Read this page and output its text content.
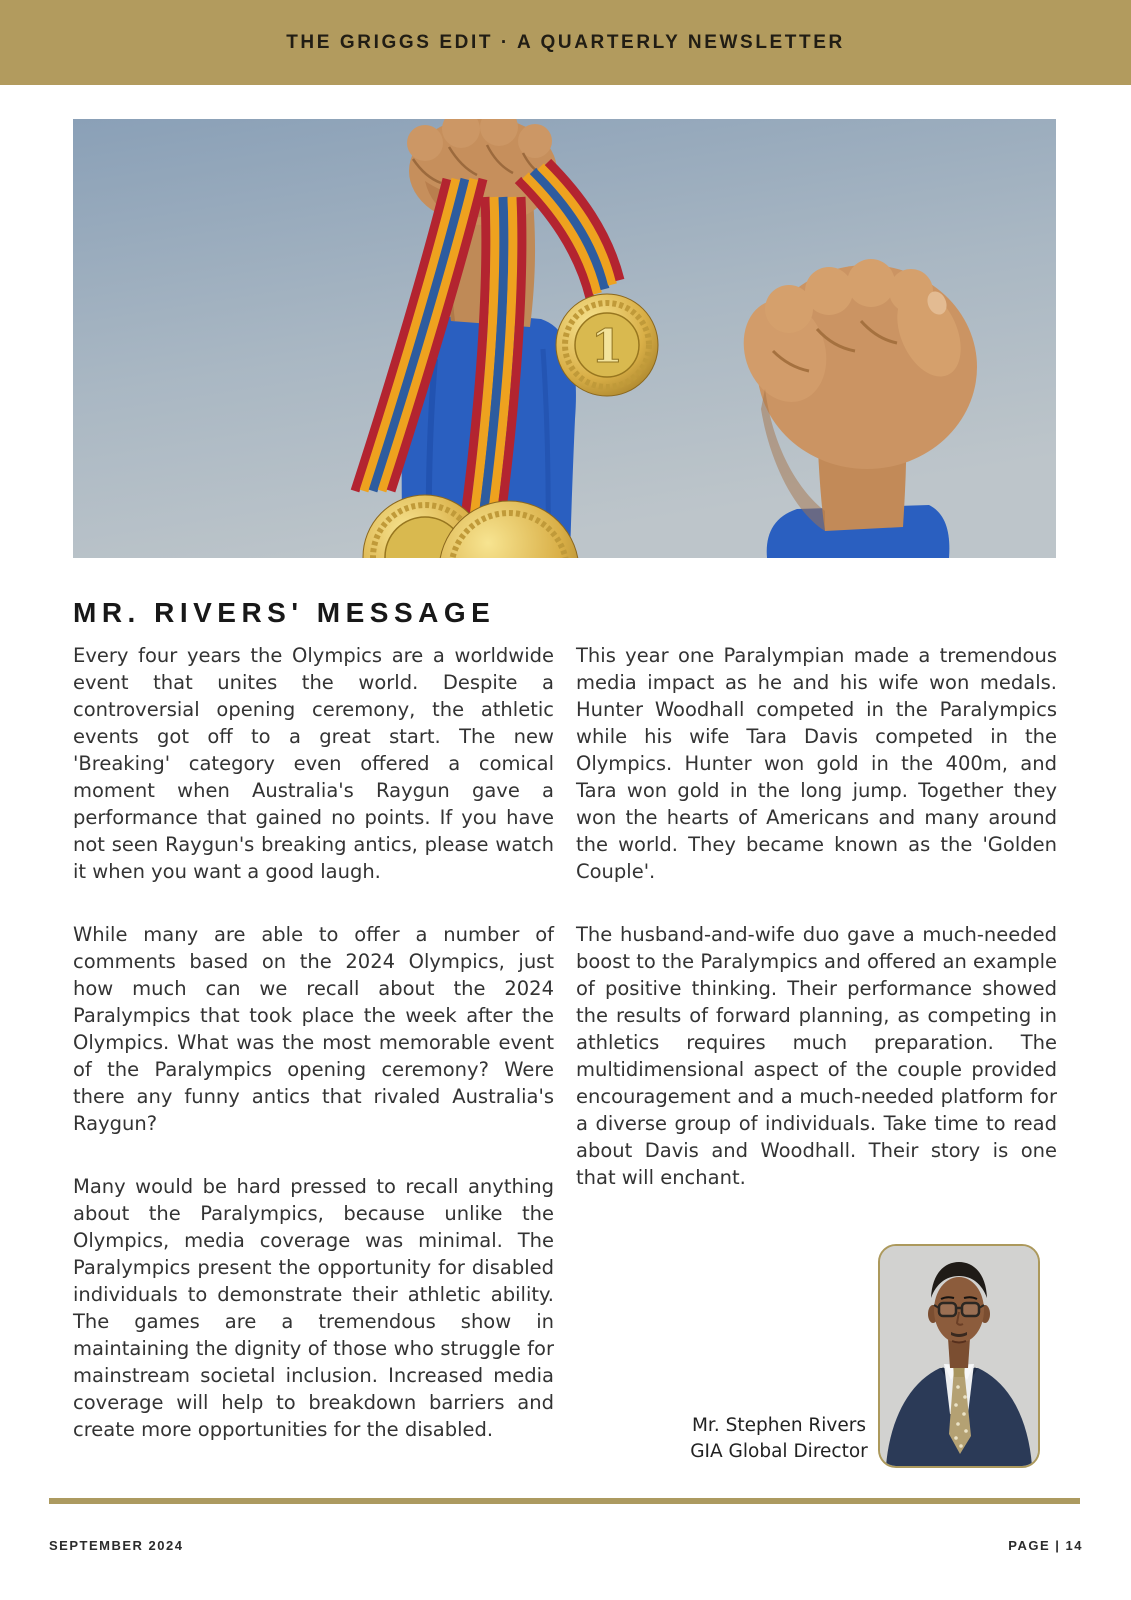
THE GRIGGS EDIT · A QUARTERLY NEWSLETTER
1
MR. RIVERS' MESSAGE

Every four years the Olympics are a worldwide event that unites the world. Despite a controversial opening ceremony, the athletic events got off to a great start. The new 'Breaking' category even offered a comical moment when Australia's Raygun gave a performance that gained no points. If you have not seen Raygun's breaking antics, please watch it when you want a good laugh.

While many are able to offer a number of comments based on the 2024 Olympics, just how much can we recall about the 2024 Paralympics that took place the week after the Olympics. What was the most memorable event of the Paralympics opening ceremony? Were there any funny antics that rivaled Australia's Raygun?

Many would be hard pressed to recall anything about the Paralympics, because unlike the Olympics, media coverage was minimal. The Paralympics present the opportunity for disabled individuals to demonstrate their athletic ability. The games are a tremendous show in maintaining the dignity of those who struggle for mainstream societal inclusion. Increased media coverage will help to breakdown barriers and create more opportunities for the disabled.

This year one Paralympian made a tremendous media impact as he and his wife won medals. Hunter Woodhall competed in the Paralympics while his wife Tara Davis competed in the Olympics. Hunter won gold in the 400m, and Tara won gold in the long jump. Together they won the hearts of Americans and many around the world. They became known as the 'Golden Couple'.

The husband-and-wife duo gave a much-needed boost to the Paralympics and offered an example of positive thinking. Their performance showed the results of forward planning, as competing in athletics requires much preparation. The multidimensional aspect of the couple provided encouragement and a much-needed platform for a diverse group of individuals. Take time to read about Davis and Woodhall. Their story is one that will enchant.

Mr. Stephen Rivers
GIA Global Director
SEPTEMBER 2024	PAGE | 14
